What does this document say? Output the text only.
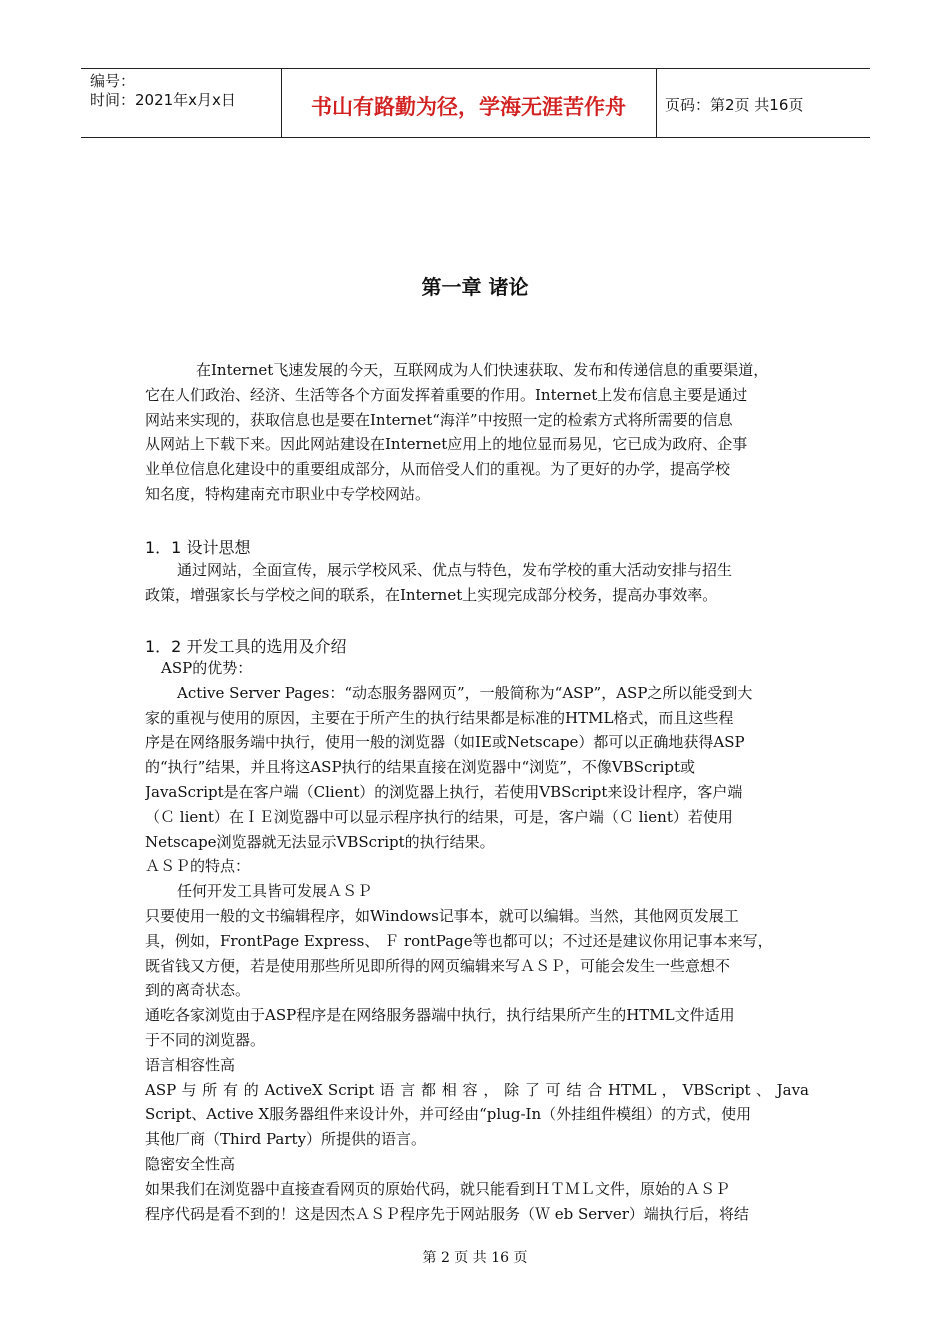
编号：
时间：2021年x月x日	书山有路勤为径，学海无涯苦作舟	页码：第2页 共16页
第一章 诸论
在Internet飞速发展的今天，互联网成为人们快速获取、发布和传递信息的重要渠道，
它在人们政治、经济、生活等各个方面发挥着重要的作用。Internet上发布信息主要是通过
网站来实现的，获取信息也是要在Internet“海洋”中按照一定的检索方式将所需要的信息
从网站上下载下来。因此网站建设在Internet应用上的地位显而易见，它已成为政府、企事
业单位信息化建设中的重要组成部分，从而倍受人们的重视。为了更好的办学，提高学校
知名度，特构建南充市职业中专学校网站。
1．1 设计思想
通过网站，全面宣传，展示学校风采、优点与特色，发布学校的重大活动安排与招生
政策，增强家长与学校之间的联系，在Internet上实现完成部分校务，提高办事效率。
1．2 开发工具的选用及介绍
ASP的优势：
Active Server Pages：“动态服务器网页”，一般简称为“ASP”，ASP之所以能受到大
家的重视与使用的原因，主要在于所产生的执行结果都是标准的HTML格式，而且这些程
序是在网络服务端中执行，使用一般的浏览器（如IE或Netscape）都可以正确地获得ASP
的“执行”结果，并且将这ASP执行的结果直接在浏览器中“浏览”，不像VBScript或
JavaScript是在客户端（Client）的浏览器上执行，若使用VBScript来设计程序，客户端
（Ｃ lient）在ＩＥ浏览器中可以显示程序执行的结果，可是，客户端（Ｃ lient）若使用
Netscape浏览器就无法显示VBScript的执行结果。
ＡＳＰ的特点：
任何开发工具皆可发展ＡＳＰ
只要使用一般的文书编辑程序，如Windows记事本，就可以编辑。当然，其他网页发展工
具，例如，FrontPage Express、 Ｆ rontPage等也都可以；不过还是建议你用记事本来写，
既省钱又方便，若是使用那些所见即所得的网页编辑来写ＡＳＰ，可能会发生一些意想不
到的离奇状态。
通吃各家浏览由于ASP程序是在网络服务器端中执行，执行结果所产生的HTML文件适用
于不同的浏览器。
语言相容性高
ASP 与 所 有 的 ActiveX Script 语 言 都 相 容 ， 除 了 可 结 合 HTML ， VBScript 、 Java
Script、Active X服务器组件来设计外，并可经由“plug-In（外挂组件模组）的方式，使用
其他厂商（Third Party）所提供的语言。
隐密安全性高
如果我们在浏览器中直接查看网页的原始代码，就只能看到ＨＴＭＬ文件，原始的ＡＳＰ
程序代码是看不到的！这是因杰ＡＳＰ程序先于网站服务（Ｗ eb Server）端执行后，将结
第 2 页 共 16 页
